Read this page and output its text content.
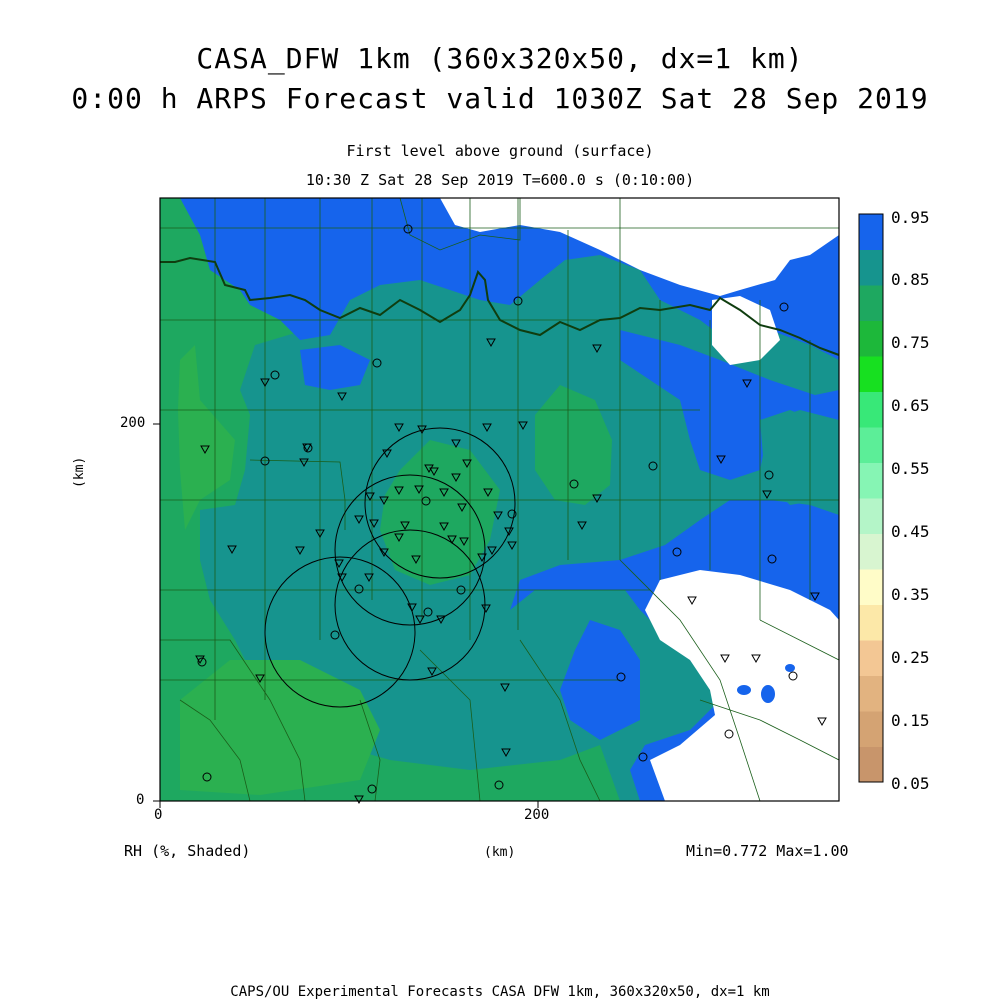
CASA_DFW 1km (360x320x50, dx=1 km)
0:00 h ARPS Forecast valid 1030Z Sat 28 Sep 2019
First level above ground (surface)
10:30 Z Sat 28 Sep 2019 T=600.0 s (0:10:00)
0	200
0
200
(km)
(km)
0.95
0.85
0.75
0.65
0.55
0.45
0.35
0.25
0.15
0.05
RH (%, Shaded)	Min=0.772 Max=1.00
CAPS/OU Experimental Forecasts CASA DFW 1km, 360x320x50, dx=1 km
